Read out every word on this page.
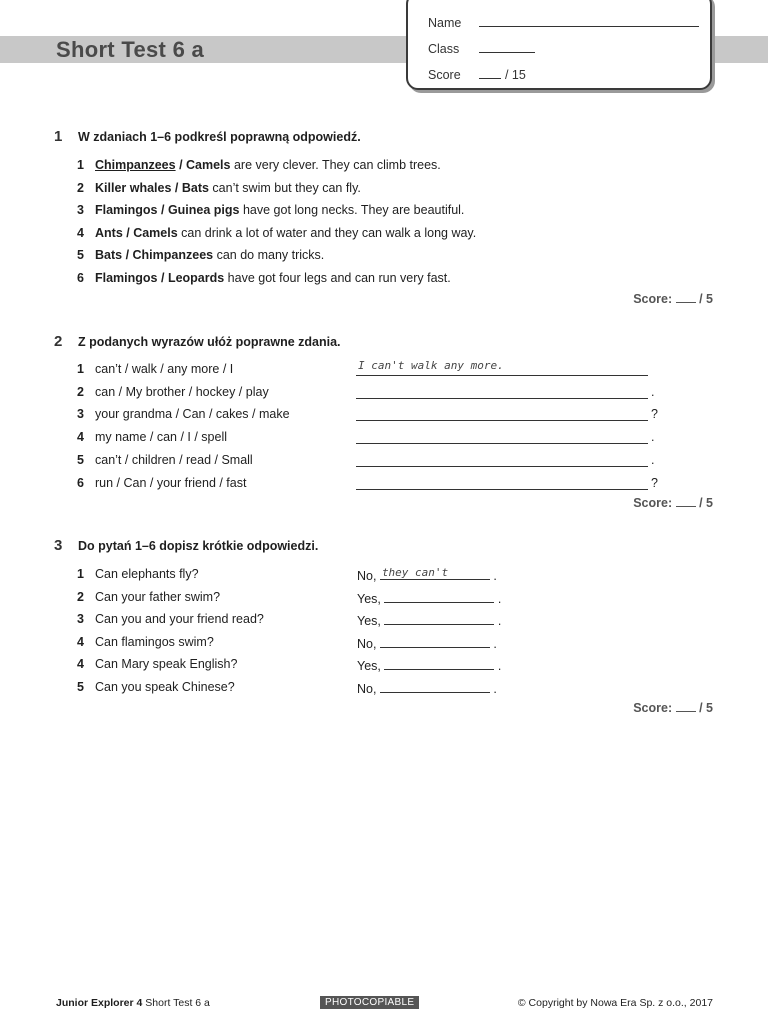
Short Test 6 a
Name
Class
Score	/ 15
1 W zdaniach 1–6 podkreśl poprawną odpowiedź.
1 Chimpanzees / Camels are very clever. They can climb trees.
2 Killer whales / Bats can’t swim but they can fly.
3 Flamingos / Guinea pigs have got long necks. They are beautiful.
4 Ants / Camels can drink a lot of water and they can walk a long way.
5 Bats / Chimpanzees can do many tricks.
6 Flamingos / Leopards have got four legs and can run very fast.
Score: / 5
2 Z podanych wyrazów ułóż poprawne zdania.
1 can’t / walk / any more / I	I can't walk any more.
2 can / My brother / hockey / play	.
3 your grandma / Can / cakes / make	?
4 my name / can / I / spell	.
5 can’t / children / read / Small	.
6 run / Can / your friend / fast	?
Score: / 5
3 Do pytań 1–6 dopisz krótkie odpowiedzi.
1 Can elephants fly?	No, they can't	.
2 Can your father swim?	Yes,	.
3 Can you and your friend read?	Yes,	.
4 Can flamingos swim?	No,	.
4 Can Mary speak English?	Yes,	.
5 Can you speak Chinese?	No,	.
Score: / 5
Junior Explorer 4 Short Test 6 a	PHOTOCOPIABLE	© Copyright by Nowa Era Sp. z o.o., 2017
